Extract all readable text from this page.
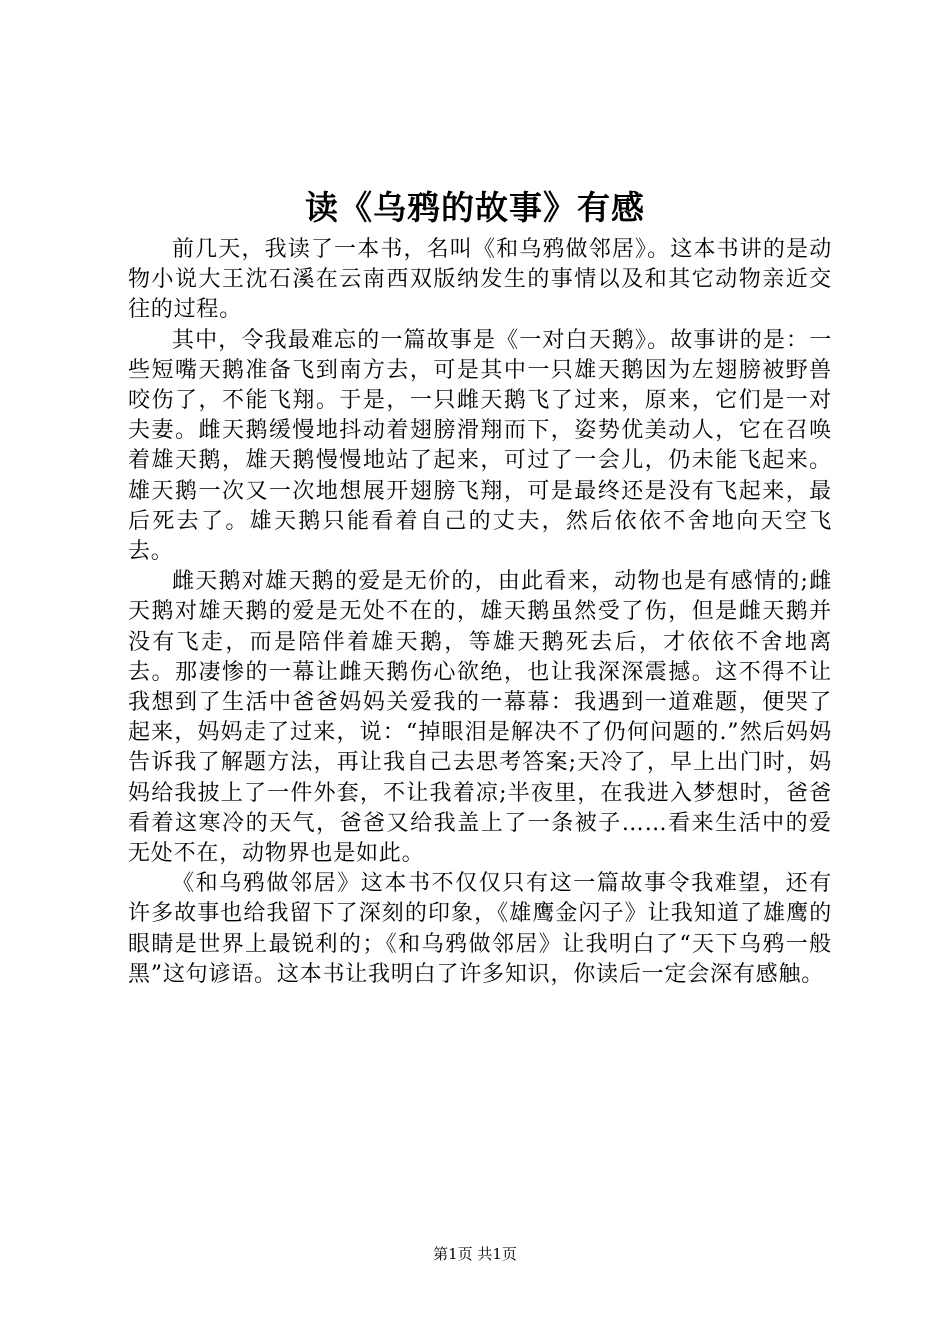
读《乌鸦的故事》有感

前几天，我读了一本书，名叫《和乌鸦做邻居》。这本书讲的是动物小说大王沈石溪在云南西双版纳发生的事情以及和其它动物亲近交往的过程。

其中，令我最难忘的一篇故事是《一对白天鹅》。故事讲的是：一些短嘴天鹅准备飞到南方去，可是其中一只雄天鹅因为左翅膀被野兽咬伤了，不能飞翔。于是，一只雌天鹅飞了过来，原来，它们是一对夫妻。雌天鹅缓慢地抖动着翅膀滑翔而下，姿势优美动人，它在召唤着雄天鹅，雄天鹅慢慢地站了起来，可过了一会儿，仍未能飞起来。雄天鹅一次又一次地想展开翅膀飞翔，可是最终还是没有飞起来，最后死去了。雄天鹅只能看着自己的丈夫，然后依依不舍地向天空飞去。

雌天鹅对雄天鹅的爱是无价的，由此看来，动物也是有感情的;雌天鹅对雄天鹅的爱是无处不在的，雄天鹅虽然受了伤，但是雌天鹅并没有飞走，而是陪伴着雄天鹅，等雄天鹅死去后，才依依不舍地离去。那凄惨的一幕让雌天鹅伤心欲绝，也让我深深震撼。这不得不让我想到了生活中爸爸妈妈关爱我的一幕幕：我遇到一道难题，便哭了起来，妈妈走了过来，说：“掉眼泪是解决不了仍何问题的.”然后妈妈告诉我了解题方法，再让我自己去思考答案;天冷了，早上出门时，妈妈给我披上了一件外套，不让我着凉;半夜里，在我进入梦想时，爸爸看着这寒冷的天气，爸爸又给我盖上了一条被子……看来生活中的爱无处不在，动物界也是如此。

《和乌鸦做邻居》这本书不仅仅只有这一篇故事令我难望，还有许多故事也给我留下了深刻的印象，《雄鹰金闪子》让我知道了雄鹰的眼睛是世界上最锐利的；《和乌鸦做邻居》让我明白了“天下乌鸦一般黑”这句谚语。这本书让我明白了许多知识，你读后一定会深有感触。

第1页 共1页
